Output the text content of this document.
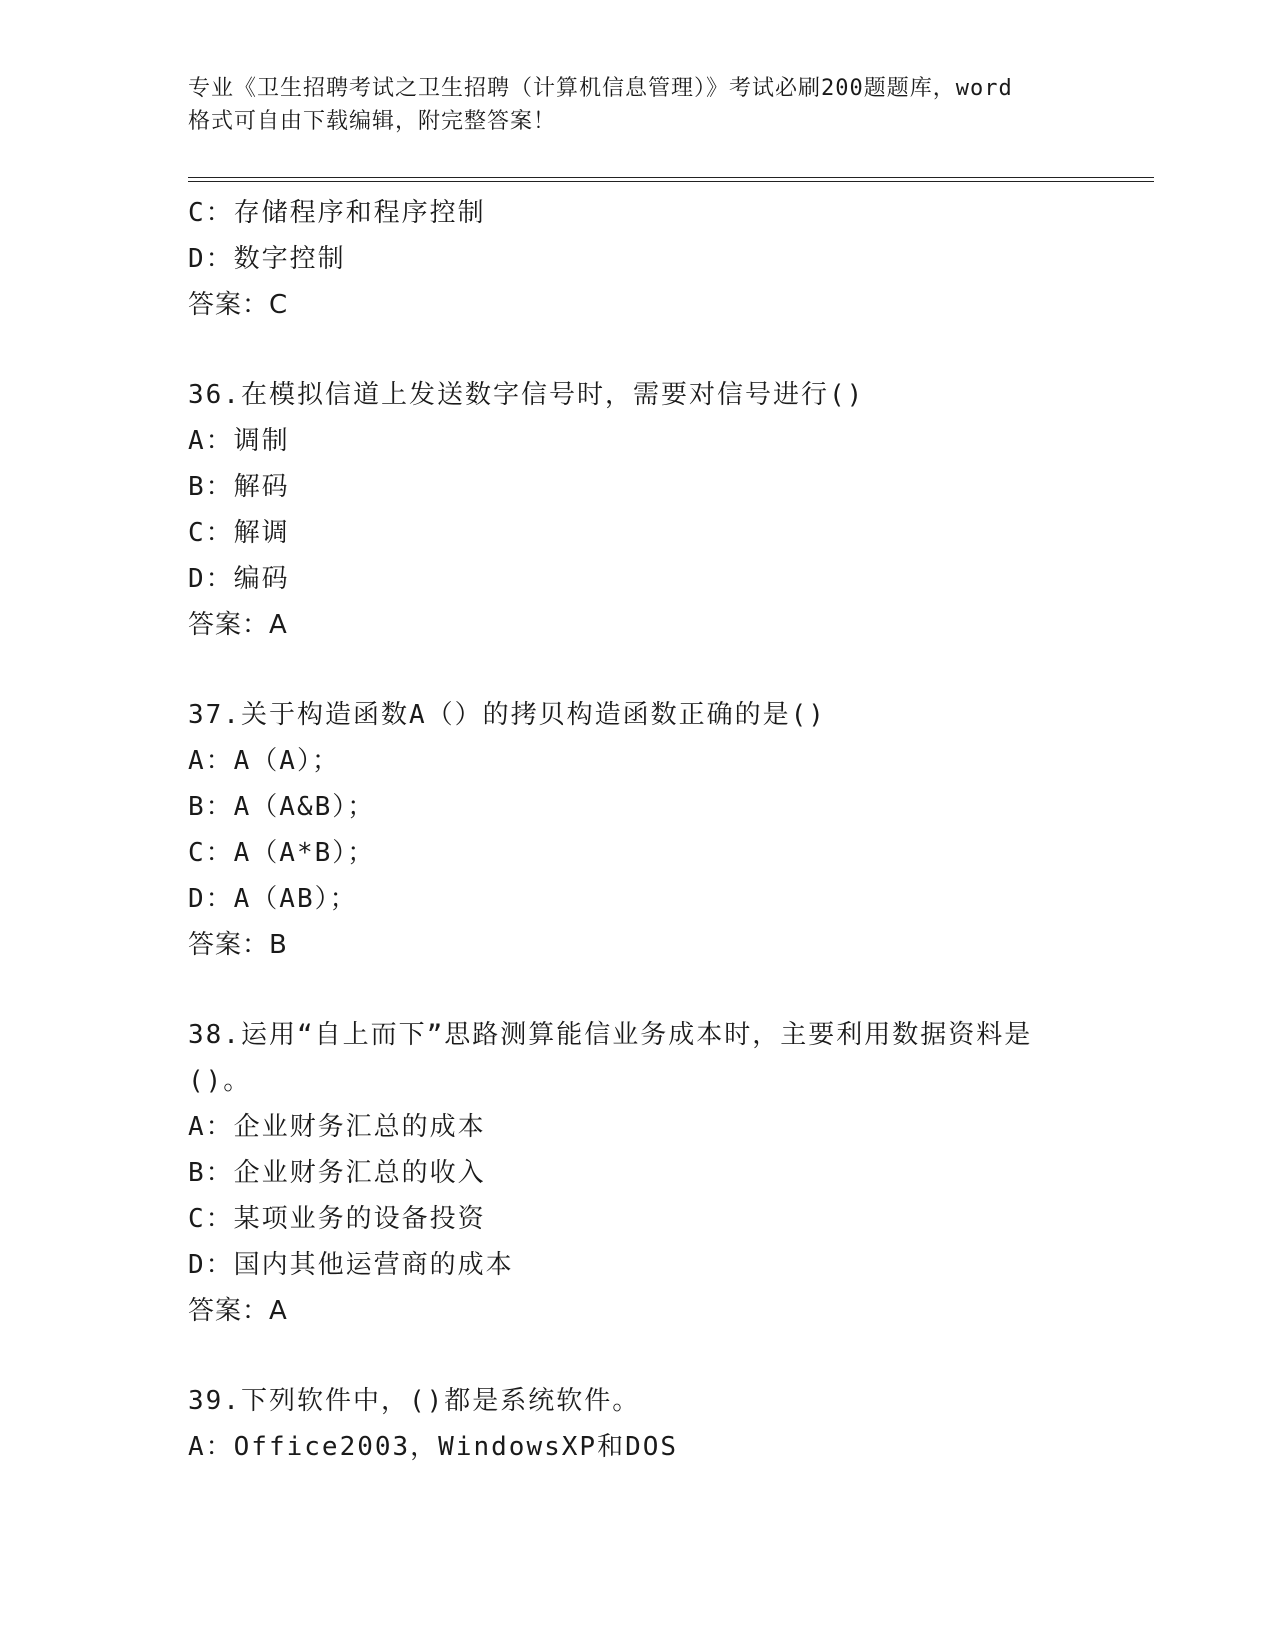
专业《卫生招聘考试之卫生招聘（计算机信息管理）》考试必刷200题题库，word
格式可自由下载编辑，附完整答案！
C：存储程序和程序控制
D：数字控制
答案：C
36.在模拟信道上发送数字信号时，需要对信号进行()
A：调制
B：解码
C：解调
D：编码
答案：A
37.关于构造函数A（）的拷贝构造函数正确的是()
A：A（A）；
B：A（A&B）；
C：A（A*B）；
D：A（AB）；
答案：B
38.运用“自上而下”思路测算能信业务成本时，主要利用数据资料是
()。
A：企业财务汇总的成本
B：企业财务汇总的收入
C：某项业务的设备投资
D：国内其他运营商的成本
答案：A
39.下列软件中，()都是系统软件。
A：Office2003，WindowsXP和DOS
